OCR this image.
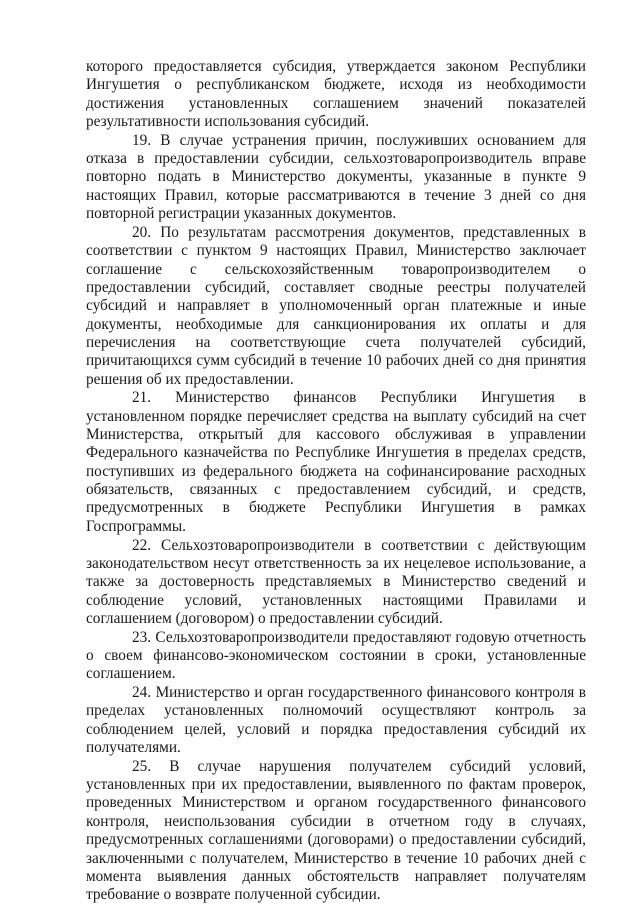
которого предоставляется субсидия, утверждается законом Республики Ингушетия о республиканском бюджете, исходя из необходимости достижения установленных соглашением значений показателей результативности использования субсидий.

19. В случае устранения причин, послуживших основанием для отказа в предоставлении субсидии, сельхозтоваропроизводитель вправе повторно подать в Министерство документы, указанные в пункте 9 настоящих Правил, которые рассматриваются в течение 3 дней со дня повторной регистрации указанных документов.

20. По результатам рассмотрения документов, представленных в соответствии с пунктом 9 настоящих Правил, Министерство заключает соглашение с сельскохозяйственным товаропроизводителем о предоставлении субсидий, составляет сводные реестры получателей субсидий и направляет в уполномоченный орган платежные и иные документы, необходимые для санкционирования их оплаты и для перечисления на соответствующие счета получателей субсидий, причитающихся сумм субсидий в течение 10 рабочих дней со дня принятия решения об их предоставлении.

21. Министерство финансов Республики Ингушетия в установленном порядке перечисляет средства на выплату субсидий на счет Министерства, открытый для кассового обслуживая в управлении Федерального казначейства по Республике Ингушетия в пределах средств, поступивших из федерального бюджета на софинансирование расходных обязательств, связанных с предоставлением субсидий, и средств, предусмотренных в бюджете Республики Ингушетия в рамках Госпрограммы.

22. Сельхозтоваропроизводители в соответствии с действующим законодательством несут ответственность за их нецелевое использование, а также за достоверность представляемых в Министерство сведений и соблюдение условий, установленных настоящими Правилами и соглашением (договором) о предоставлении субсидий.

23. Сельхозтоваропроизводители предоставляют годовую отчетность о своем финансово-экономическом состоянии в сроки, установленные соглашением.

24. Министерство и орган государственного финансового контроля в пределах установленных полномочий осуществляют контроль за соблюдением целей, условий и порядка предоставления субсидий их получателями.

25. В случае нарушения получателем субсидий условий, установленных при их предоставлении, выявленного по фактам проверок, проведенных Министерством и органом государственного финансового контроля, неиспользования субсидии в отчетном году в случаях, предусмотренных соглашениями (договорами) о предоставлении субсидий, заключенными с получателем, Министерство в течение 10 рабочих дней с момента выявления данных обстоятельств направляет получателям требование о возврате полученной субсидии.
